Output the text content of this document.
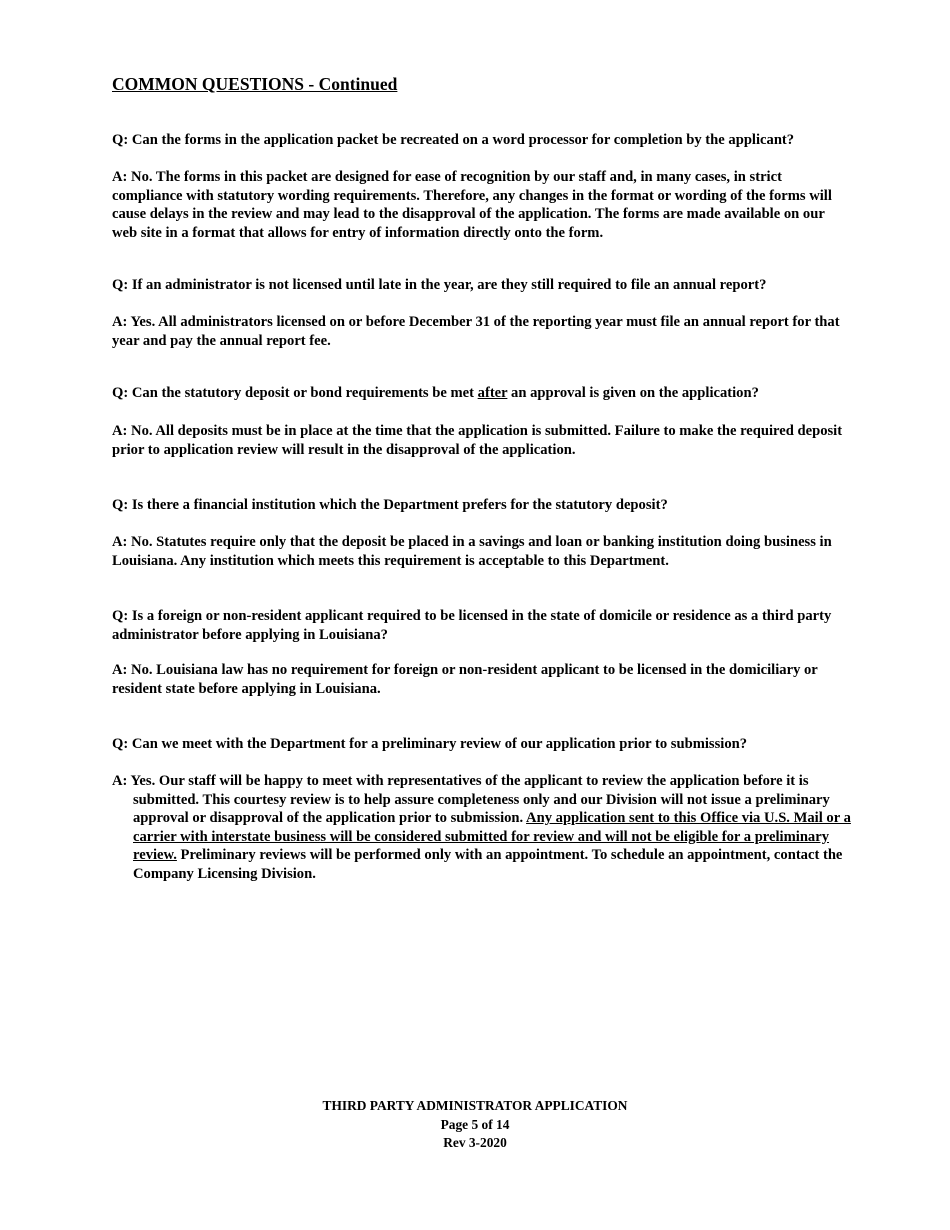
COMMON QUESTIONS - Continued

Q: Can the forms in the application packet be recreated on a word processor for completion by the applicant?

A: No. The forms in this packet are designed for ease of recognition by our staff and, in many cases, in strict compliance with statutory wording requirements. Therefore, any changes in the format or wording of the forms will cause delays in the review and may lead to the disapproval of the application. The forms are made available on our web site in a format that allows for entry of information directly onto the form.

Q: If an administrator is not licensed until late in the year, are they still required to file an annual report?

A: Yes. All administrators licensed on or before December 31 of the reporting year must file an annual report for that year and pay the annual report fee.

Q: Can the statutory deposit or bond requirements be met after an approval is given on the application?

A: No. All deposits must be in place at the time that the application is submitted. Failure to make the required deposit prior to application review will result in the disapproval of the application.

Q: Is there a financial institution which the Department prefers for the statutory deposit?

A: No. Statutes require only that the deposit be placed in a savings and loan or banking institution doing business in Louisiana. Any institution which meets this requirement is acceptable to this Department.

Q: Is a foreign or non-resident applicant required to be licensed in the state of domicile or residence as a third party administrator before applying in Louisiana?

A: No. Louisiana law has no requirement for foreign or non-resident applicant to be licensed in the domiciliary or resident state before applying in Louisiana.

Q: Can we meet with the Department for a preliminary review of our application prior to submission?

A: Yes. Our staff will be happy to meet with representatives of the applicant to review the application before it is submitted. This courtesy review is to help assure completeness only and our Division will not issue a preliminary approval or disapproval of the application prior to submission. Any application sent to this Office via U.S. Mail or a carrier with interstate business will be considered submitted for review and will not be eligible for a preliminary review. Preliminary reviews will be performed only with an appointment. To schedule an appointment, contact the Company Licensing Division.

THIRD PARTY ADMINISTRATOR APPLICATION
Page 5 of 14
Rev 3-2020
